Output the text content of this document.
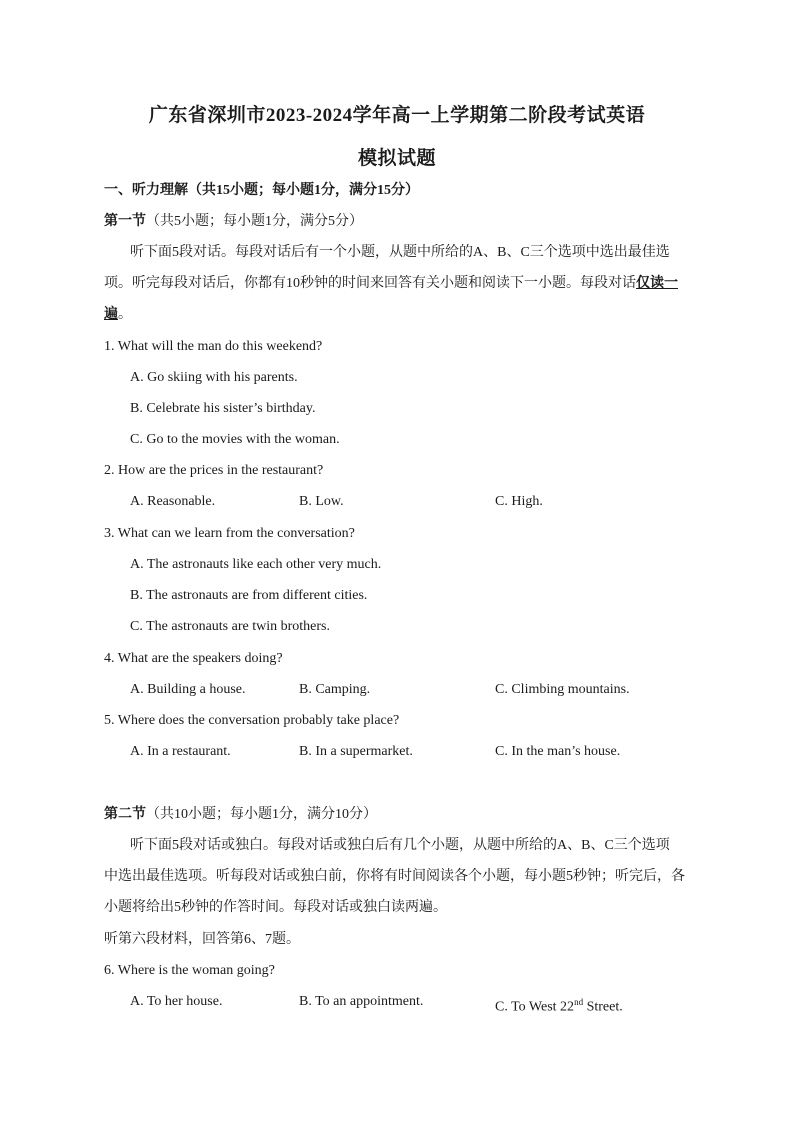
广东省深圳市2023-2024学年高一上学期第二阶段考试英语
模拟试题
一、听力理解（共15小题；每小题1分，满分15分）
第一节（共5小题；每小题1分，满分5分）
听下面5段对话。每段对话后有一个小题，从题中所给的A、B、C三个选项中选出最佳选
项。听完每段对话后，你都有10秒钟的时间来回答有关小题和阅读下一小题。每段对话仅读一
遍。
1. What will the man do this weekend?
A. Go skiing with his parents.
B. Celebrate his sister’s birthday.
C. Go to the movies with the woman.
2. How are the prices in the restaurant?
A. Reasonable.	B. Low.	C. High.
3. What can we learn from the conversation?
A. The astronauts like each other very much.
B. The astronauts are from different cities.
C. The astronauts are twin brothers.
4. What are the speakers doing?
A. Building a house.	B. Camping.	C. Climbing mountains.
5. Where does the conversation probably take place?
A. In a restaurant.	B. In a supermarket.	C. In the man’s house.
第二节（共10小题；每小题1分，满分10分）
听下面5段对话或独白。每段对话或独白后有几个小题，从题中所给的A、B、C三个选项
中选出最佳选项。听每段对话或独白前，你将有时间阅读各个小题，每小题5秒钟；听完后，各
小题将给出5秒钟的作答时间。每段对话或独白读两遍。
听第六段材料，回答第6、7题。
6. Where is the woman going?
A. To her house.	B. To an appointment.	C. To West 22nd Street.
